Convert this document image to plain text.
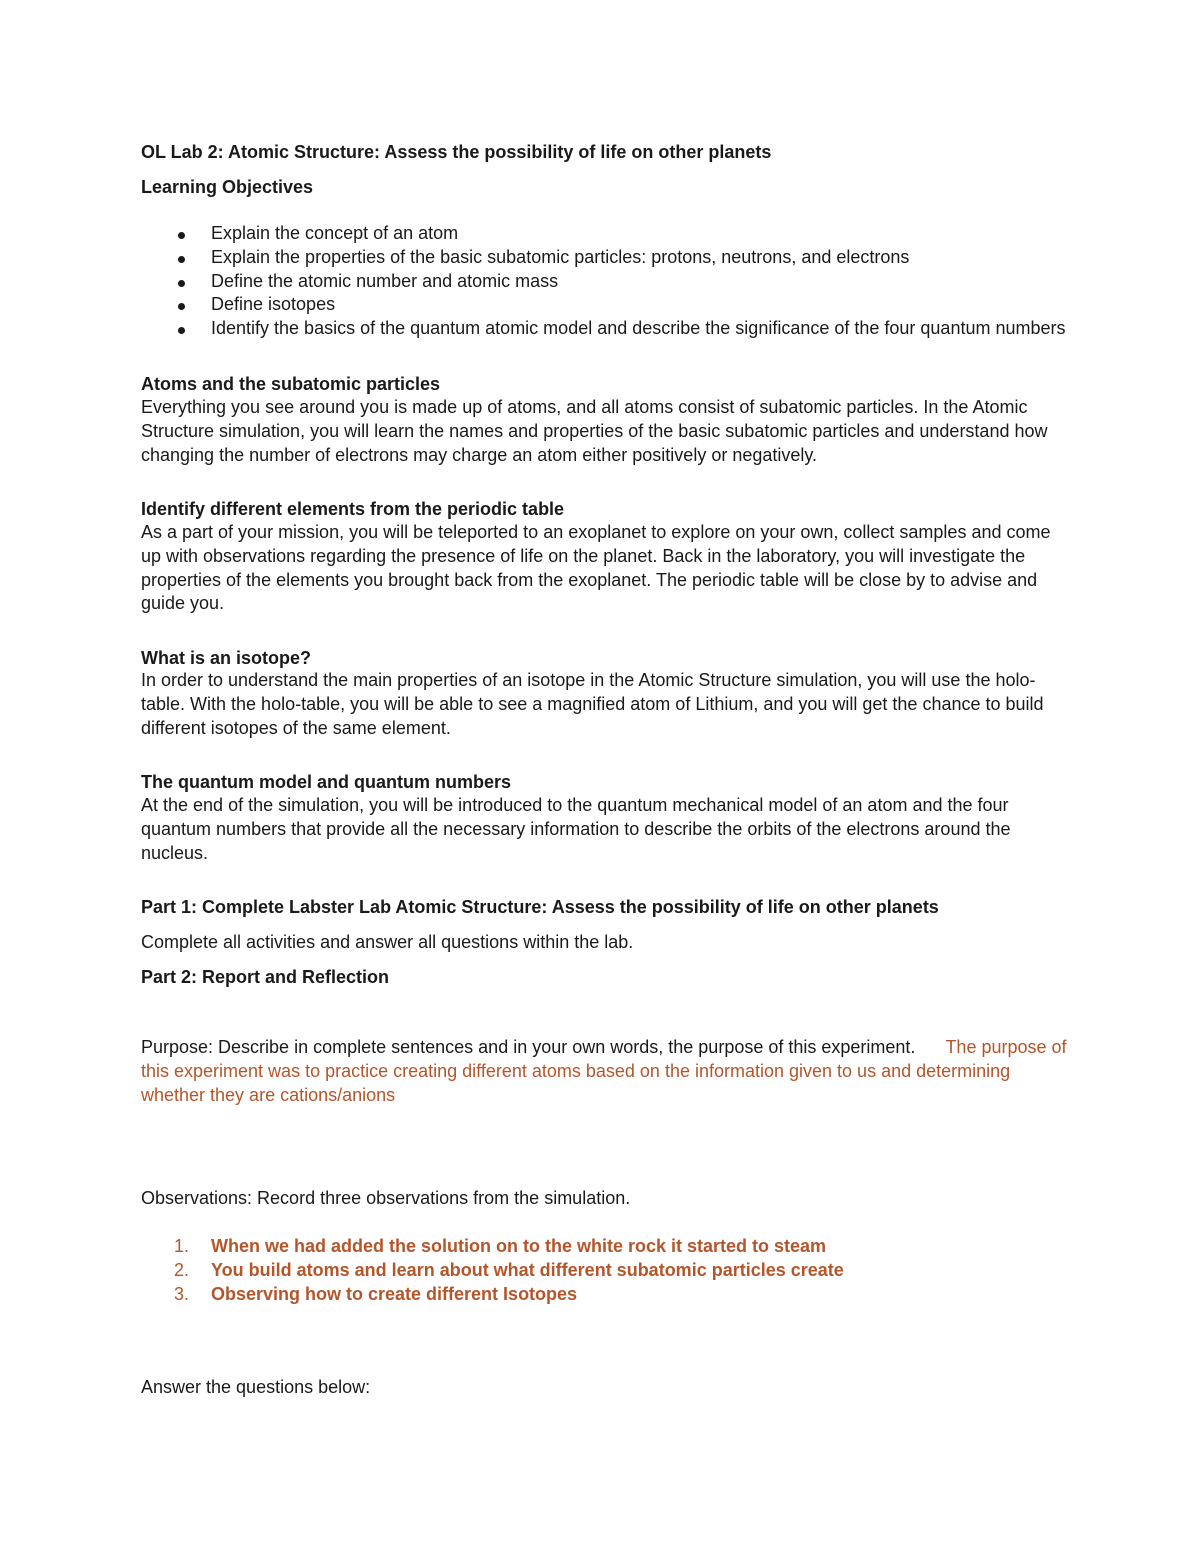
OL Lab 2: Atomic Structure: Assess the possibility of life on other planets

Learning Objectives

Explain the concept of an atom
Explain the properties of the basic subatomic particles: protons, neutrons, and electrons
Define the atomic number and atomic mass
Define isotopes
Identify the basics of the quantum atomic model and describe the significance of the four quantum numbers

Atoms and the subatomic particles

Everything you see around you is made up of atoms, and all atoms consist of subatomic particles. In the Atomic Structure simulation, you will learn the names and properties of the basic subatomic particles and understand how changing the number of electrons may charge an atom either positively or negatively.

Identify different elements from the periodic table

As a part of your mission, you will be teleported to an exoplanet to explore on your own, collect samples and come up with observations regarding the presence of life on the planet. Back in the laboratory, you will investigate the properties of the elements you brought back from the exoplanet. The periodic table will be close by to advise and guide you.

What is an isotope?

In order to understand the main properties of an isotope in the Atomic Structure simulation, you will use the holo-table. With the holo-table, you will be able to see a magnified atom of Lithium, and you will get the chance to build different isotopes of the same element.

The quantum model and quantum numbers

At the end of the simulation, you will be introduced to the quantum mechanical model of an atom and the four quantum numbers that provide all the necessary information to describe the orbits of the electrons around the nucleus.

Part 1: Complete Labster Lab Atomic Structure: Assess the possibility of life on other planets

Complete all activities and answer all questions within the lab.

Part 2: Report and Reflection

Purpose: Describe in complete sentences and in your own words, the purpose of this experiment. The purpose of this experiment was to practice creating different atoms based on the information given to us and determining whether they are cations/anions

Observations: Record three observations from the simulation.

1. When we had added the solution on to the white rock it started to steam
2. You build atoms and learn about what different subatomic particles create
3. Observing how to create different Isotopes

Answer the questions below:
